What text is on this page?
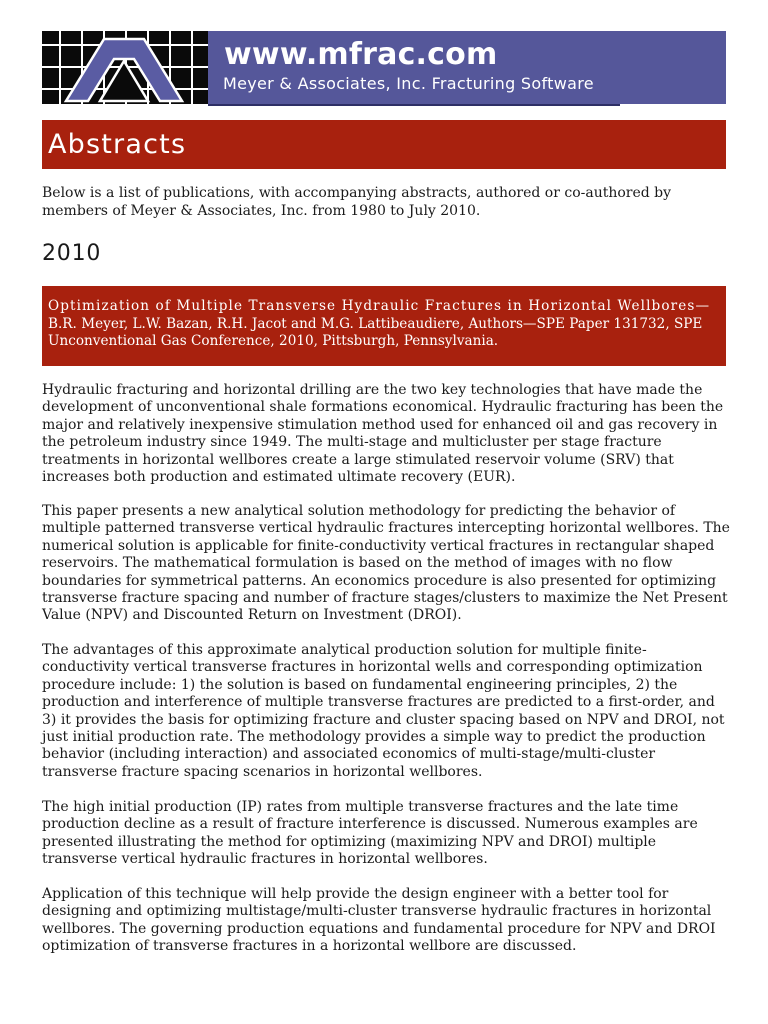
www.mfrac.com
Meyer & Associates, Inc. Fracturing Software
Abstracts

Below is a list of publications, with accompanying abstracts, authored or co-authored by members of Meyer & Associates, Inc. from 1980 to July 2010.

2010
Optimization of Multiple Transverse Hydraulic Fractures in Horizontal Wellbores—
B.R. Meyer, L.W. Bazan, R.H. Jacot and M.G. Lattibeaudiere, Authors—SPE Paper 131732, SPE Unconventional Gas Conference, 2010, Pittsburgh, Pennsylvania.

Hydraulic fracturing and horizontal drilling are the two key technologies that have made the development of unconventional shale formations economical. Hydraulic fracturing has been the major and relatively inexpensive stimulation method used for enhanced oil and gas recovery in the petroleum industry since 1949. The multi-stage and multicluster per stage fracture treatments in horizontal wellbores create a large stimulated reservoir volume (SRV) that increases both production and estimated ultimate recovery (EUR).

This paper presents a new analytical solution methodology for predicting the behavior of multiple patterned transverse vertical hydraulic fractures intercepting horizontal wellbores. The numerical solution is applicable for finite-conductivity vertical fractures in rectangular shaped reservoirs. The mathematical formulation is based on the method of images with no flow boundaries for symmetrical patterns. An economics procedure is also presented for optimizing transverse fracture spacing and number of fracture stages/clusters to maximize the Net Present Value (NPV) and Discounted Return on Investment (DROI).

The advantages of this approximate analytical production solution for multiple finite-conductivity vertical transverse fractures in horizontal wells and corresponding optimization procedure include: 1) the solution is based on fundamental engineering principles, 2) the production and interference of multiple transverse fractures are predicted to a first-order, and 3) it provides the basis for optimizing fracture and cluster spacing based on NPV and DROI, not just initial production rate. The methodology provides a simple way to predict the production behavior (including interaction) and associated economics of multi-stage/multi-cluster transverse fracture spacing scenarios in horizontal wellbores.

The high initial production (IP) rates from multiple transverse fractures and the late time production decline as a result of fracture interference is discussed. Numerous examples are presented illustrating the method for optimizing (maximizing NPV and DROI) multiple transverse vertical hydraulic fractures in horizontal wellbores.

Application of this technique will help provide the design engineer with a better tool for designing and optimizing multistage/multi-cluster transverse hydraulic fractures in horizontal wellbores. The governing production equations and fundamental procedure for NPV and DROI optimization of transverse fractures in a horizontal wellbore are discussed.
